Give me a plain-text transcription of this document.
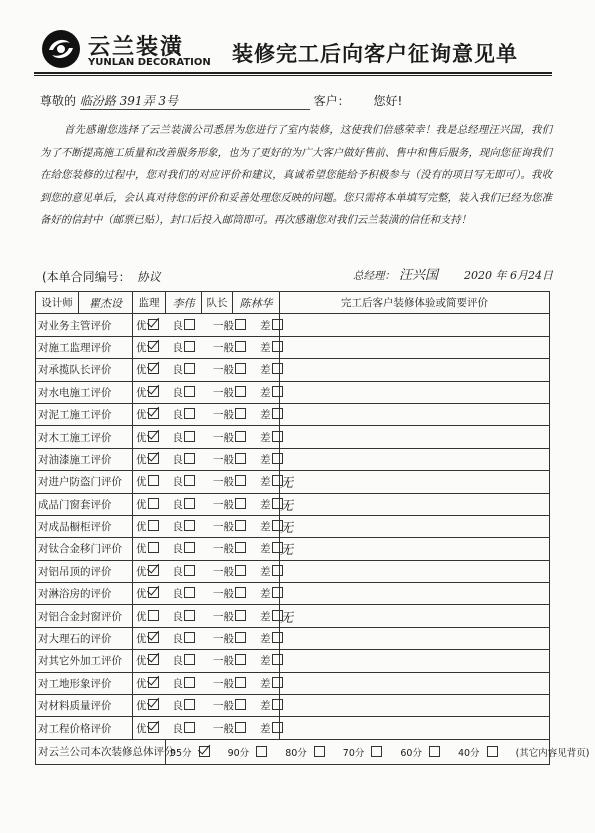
云兰装潢
YUNLAN DECORATION 装修完工后向客户征询意见单
尊敬的 临汾路 391弄 3号	客户： 您好!
首先感谢您选择了云兰装潢公司悉居为您进行了室内装修，这使我们倍感荣幸！我是总经理汪兴国，我们为了不断提高施工质量和改善服务形象，也为了更好的为广大客户做好售前、售中和售后服务，现向您征询我们在给您装修的过程中，您对我们的对应评价和建议，真诚希望您能给予积极参与（没有的项目写无即可）。我收到您的意见单后，会认真对待您的评价和妥善处理您反映的问题。您只需将本单填写完整，装入我们已经为您准备好的信封中（邮票已贴），封口后投入邮筒即可。再次感谢您对我们云兰装潢的信任和支持！
(本单合同编号： 协议	总经理： 汪兴国 2020 年 6月24日
设计师	瞿杰设	监理	李伟	队长	陈林华	完工后客户装修体验或简要评价
对业务主管评价		优 良 一般 差				
对施工监理评价		优 良 一般 差				
对承揽队长评价		优 良 一般 差				
对水电施工评价		优 良 一般 差				
对泥工施工评价		优 良 一般 差				
对木工施工评价		优 良 一般 差				
对油漆施工评价		优 良 一般 差				
对进户防盗门评价		优 良 一般 差				无
成品门窗套评价		优 良 一般 差				无
对成品橱柜评价		优 良 一般 差				无
对钛合金移门评价		优 良 一般 差				无
对铝吊顶的评价		优 良 一般 差				
对淋浴房的评价		优 良 一般 差				
对铝合金封窗评价		优 良 一般 差				无
对大理石的评价		优 良 一般 差				
对其它外加工评价		优 良 一般 差				
对工地形象评价		优 良 一般 差				
对材料质量评价		优 良 一般 差				
对工程价格评价		优 良 一般 差				
对云兰公司本次装修总体评分			95分 90分 80分 70分 60分 40分 (其它内容见背页)			
